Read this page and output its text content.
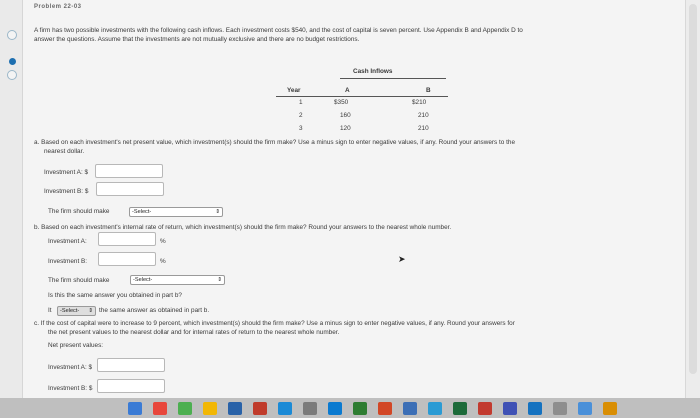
Problem 22-03
A firm has two possible investments with the following cash inflows. Each investment costs $540, and the cost of capital is seven percent. Use Appendix B and Appendix D to
answer the questions. Assume that the investments are not mutually exclusive and there are no budget restrictions.
Cash Inflows
Year	A	B
1	$350	$210
2	160	210
3	120	210
a. Based on each investment's net present value, which investment(s) should the firm make? Use a minus sign to enter negative values, if any. Round your answers to the
nearest dollar.
Investment A: $
Investment B: $
The firm should make	-Select-	⇕
b. Based on each investment's internal rate of return, which investment(s) should the firm make? Round your answers to the nearest whole number.
Investment A:	%
Investment B:	%
The firm should make	-Select-	⇕
Is this the same answer you obtained in part b?
It	-Select- ⇕ the same answer as obtained in part b.
c. If the cost of capital were to increase to 9 percent, which investment(s) should the firm make? Use a minus sign to enter negative values, if any. Round your answers for
the net present values to the nearest dollar and for internal rates of return to the nearest whole number.
Net present values:
Investment A: $
Investment B: $
➤
